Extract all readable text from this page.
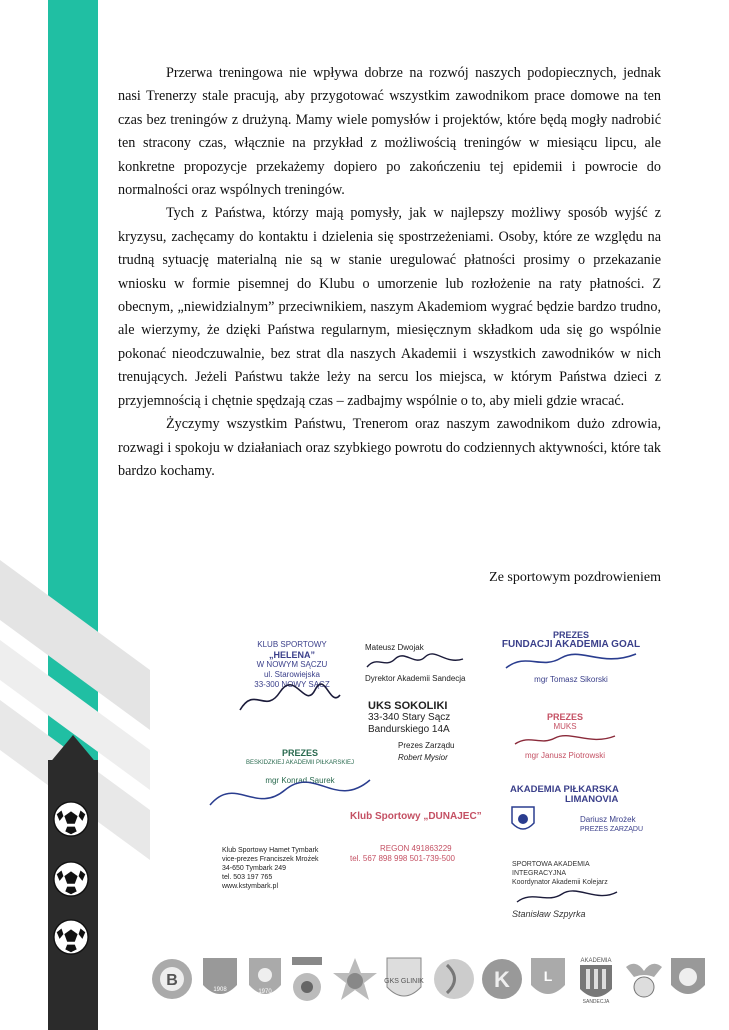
Przerwa treningowa nie wpływa dobrze na rozwój naszych podopiecznych, jednak nasi Trenerzy stale pracują, aby przygotować wszystkim zawodnikom prace domowe na ten czas bez treningów z drużyną. Mamy wiele pomysłów i projektów, które będą mogły nadrobić ten stracony czas, włącznie na przykład z możliwością treningów w miesiącu lipcu, ale konkretne propozycje przekażemy dopiero po zakończeniu tej epidemii i powrocie do normalności oraz wspólnych treningów.

Tych z Państwa, którzy mają pomysły, jak w najlepszy możliwy sposób wyjść z kryzysu, zachęcamy do kontaktu i dzielenia się spostrzeżeniami. Osoby, które ze względu na trudną sytuację materialną nie są w stanie uregulować płatności prosimy o przekazanie wniosku w formie pisemnej do Klubu o umorzenie lub rozłożenie na raty płatności. Z obecnym, „niewidzialnym” przeciwnikiem, naszym Akademiom wygrać będzie bardzo trudno, ale wierzymy, że dzięki Państwa regularnym, miesięcznym składkom uda się go wspólnie pokonać nieodczuwalnie, bez strat dla naszych Akademii i wszystkich zawodników w nich trenujących. Jeżeli Państwu także leży na sercu los miejsca, w którym Państwa dzieci z przyjemnością i chętnie spędzają czas – zadbajmy wspólnie o to, aby mieli gdzie wracać.

Życzymy wszystkim Państwu, Trenerom oraz naszym zawodnikom dużo zdrowia, rozwagi i spokoju w działaniach oraz szybkiego powrotu do codziennych aktywności, które tak bardzo kochamy.

Ze sportowym pozdrowieniem
KLUB SPORTOWY
„HELENA”
W NOWYM SĄCZU
ul. Starowiejska
33-300 NOWY SĄCZ
Mateusz Dwojak
Dyrektor Akademii Sandecja
PREZES
FUNDACJI AKADEMIA GOAL
mgr Tomasz Sikorski
UKS SOKOLIKI
33-340 Stary Sącz
Bandurskiego 14A
Prezes Zarządu
Robert Mysior
PREZES
MUKS
mgr Janusz Piotrowski
PREZES
BESKIDZKIEJ AKADEMII PIŁKARSKIEJ
mgr Konrad Saurek
AKADEMIA PIŁKARSKA
LIMANOVIA
Dariusz Mrożek
PREZES ZARZĄDU
Klub Sportowy „DUNAJEC”
REGON 491863229
tel. 567 898 998 501-739-500
Klub Sportowy Hamet Tymbark
vice-prezes Franciszek Mrożek
34-650 Tymbark 249
tel. 503 197 765
www.kstymbark.pl
SPORTOWA AKADEMIA INTEGRACYJNA
Koordynator Akademii Kolejarz
Stanisław Szpyrka
B
1908	1970
GKS GLINIK	K L
AKADEMIA
SANDECJA
